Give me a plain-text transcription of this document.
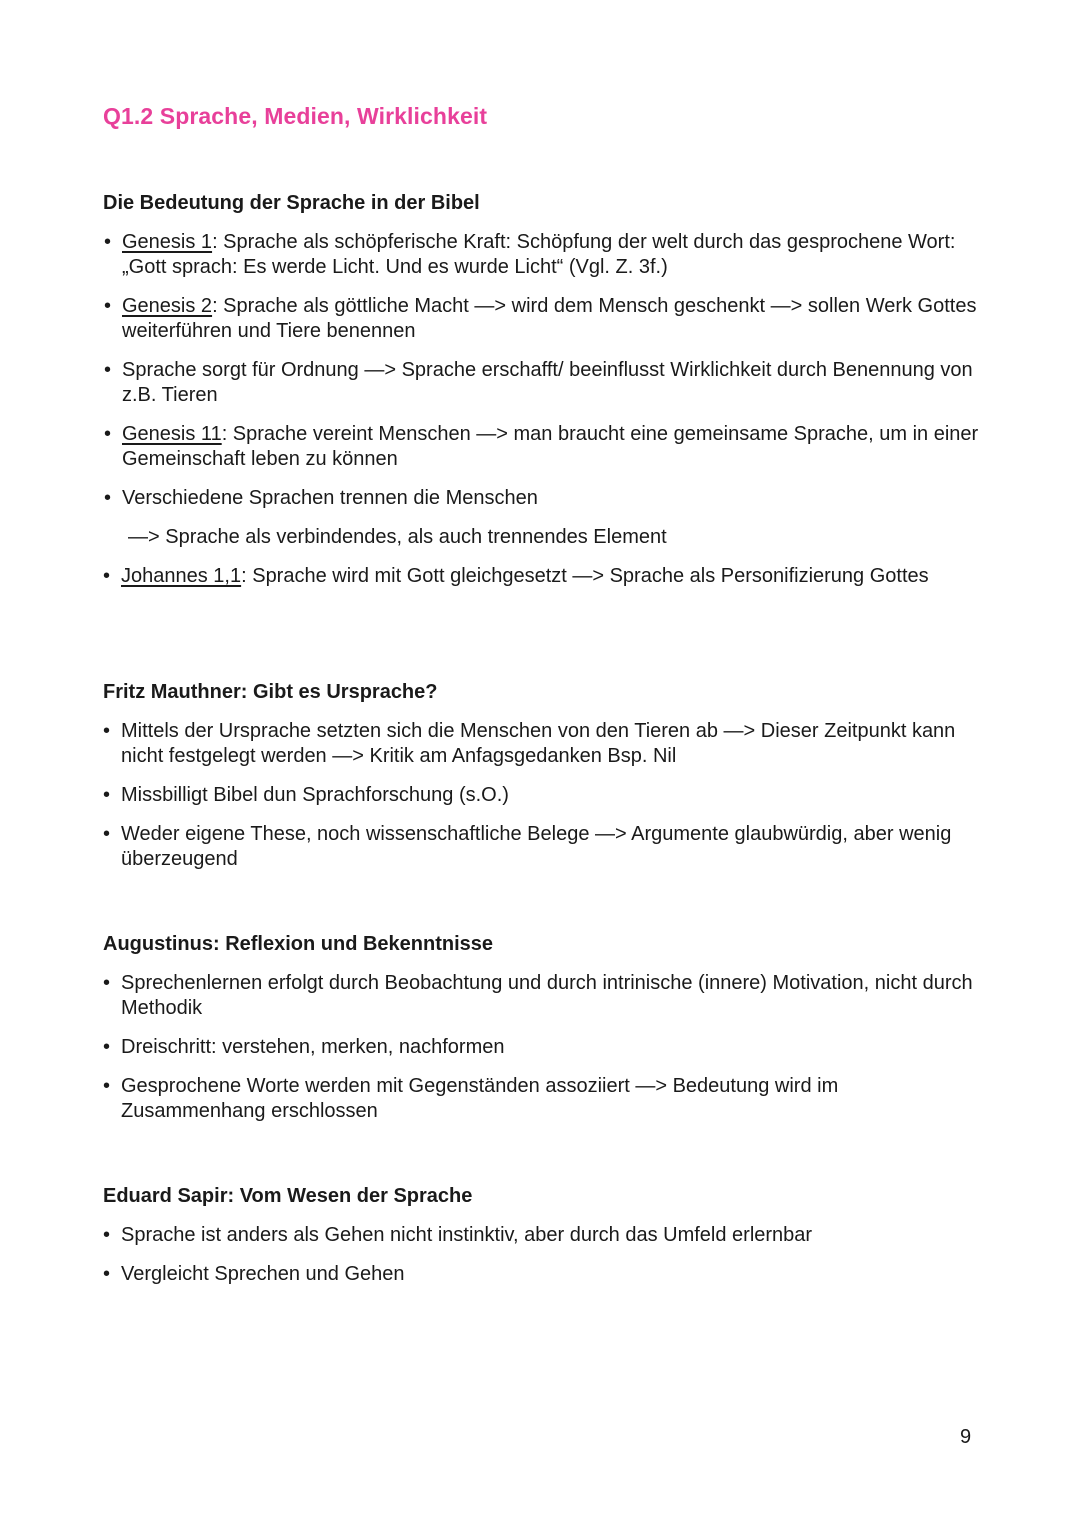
Q1.2 Sprache, Medien, Wirklichkeit
Die Bedeutung der Sprache in der Bibel
• Genesis 1: Sprache als schöpferische Kraft: Schöpfung der welt durch das gesprochene Wort: „Gott sprach: Es werde Licht. Und es wurde Licht“ (Vgl. Z. 3f.)
• Genesis 2: Sprache als göttliche Macht —> wird dem Mensch geschenkt —> sollen Werk Gottes weiterführen und Tiere benennen
• Sprache sorgt für Ordnung —> Sprache erschafft/ beeinflusst Wirklichkeit durch Benennung von z.B. Tieren
• Genesis 11: Sprache vereint Menschen —> man braucht eine gemeinsame Sprache, um in einer Gemeinschaft leben zu können
• Verschiedene Sprachen trennen die Menschen
—> Sprache als verbindendes, als auch trennendes Element
• Johannes 1,1: Sprache wird mit Gott gleichgesetzt —> Sprache als Personifizierung Gottes
Fritz Mauthner: Gibt es Ursprache?
• Mittels der Ursprache setzten sich die Menschen von den Tieren ab —> Dieser Zeitpunkt kann nicht festgelegt werden —> Kritik am Anfagsgedanken Bsp. Nil
• Missbilligt Bibel dun Sprachforschung (s.O.)
• Weder eigene These, noch wissenschaftliche Belege —> Argumente glaubwürdig, aber wenig überzeugend
Augustinus: Reflexion und Bekenntnisse
• Sprechenlernen erfolgt durch Beobachtung und durch intrinische (innere) Motivation, nicht durch Methodik
• Dreischritt: verstehen, merken, nachformen
• Gesprochene Worte werden mit Gegenständen assoziiert —> Bedeutung wird im Zusammenhang erschlossen
Eduard Sapir: Vom Wesen der Sprache
• Sprache ist anders als Gehen nicht instinktiv, aber durch das Umfeld erlernbar
• Vergleicht Sprechen und Gehen
9
